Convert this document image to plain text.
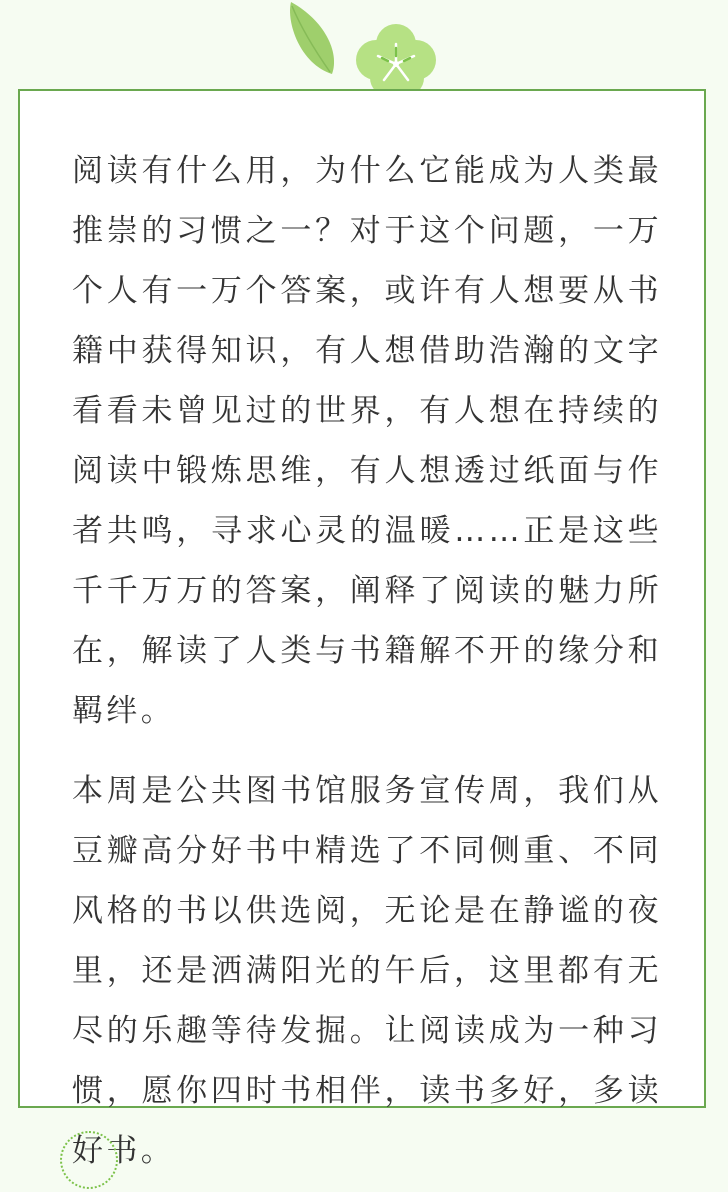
阅读有什么用，为什么它能成为人类最推崇的习惯之一？对于这个问题，一万个人有一万个答案，或许有人想要从书籍中获得知识，有人想借助浩瀚的文字看看未曾见过的世界，有人想在持续的阅读中锻炼思维，有人想透过纸面与作者共鸣，寻求心灵的温暖……正是这些千千万万的答案，阐释了阅读的魅力所在，解读了人类与书籍解不开的缘分和羁绊。

本周是公共图书馆服务宣传周，我们从豆瓣高分好书中精选了不同侧重、不同风格的书以供选阅，无论是在静谧的夜里，还是洒满阳光的午后，这里都有无尽的乐趣等待发掘。让阅读成为一种习惯，愿你四时书相伴，读书多好，多读好书。
